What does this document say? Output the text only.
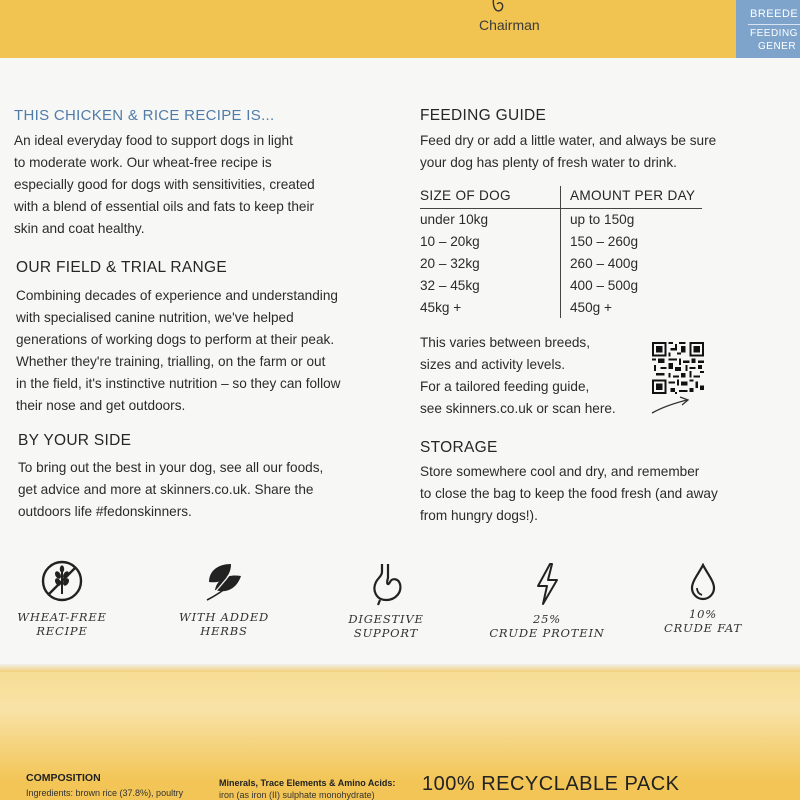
Chairman
BREEDE
FEEDING
GENER
THIS CHICKEN & RICE RECIPE IS...
An ideal everyday food to support dogs in light
to moderate work. Our wheat-free recipe is
especially good for dogs with sensitivities, created
with a blend of essential oils and fats to keep their
skin and coat healthy.
OUR FIELD & TRIAL RANGE
Combining decades of experience and understanding
with specialised canine nutrition, we've helped
generations of working dogs to perform at their peak.
Whether they're training, trialling, on the farm or out
in the field, it's instinctive nutrition – so they can follow
their nose and get outdoors.
BY YOUR SIDE
To bring out the best in your dog, see all our foods,
get advice and more at skinners.co.uk. Share the
outdoors life #fedonskinners.
FEEDING GUIDE
Feed dry or add a little water, and always be sure
your dog has plenty of fresh water to drink.
SIZE OF DOG	AMOUNT PER DAY
under 10kg	up to 150g
10 – 20kg	150 – 260g
20 – 32kg	260 – 400g
32 – 45kg	400 – 500g
45kg +	450g +
This varies between breeds,
sizes and activity levels.
For a tailored feeding guide,
see skinners.co.uk or scan here.
STORAGE
Store somewhere cool and dry, and remember
to close the bag to keep the food fresh (and away
from hungry dogs!).
WHEAT-FREE
RECIPE
WITH ADDED
HERBS
DIGESTIVE
SUPPORT
25%
CRUDE PROTEIN
10%
CRUDE FAT
COMPOSITION
Ingredients: brown rice (37.8%), poultry
Minerals, Trace Elements & Amino Acids:
iron (as iron (II) sulphate monohydrate) 100% RECYCLABLE PACK
